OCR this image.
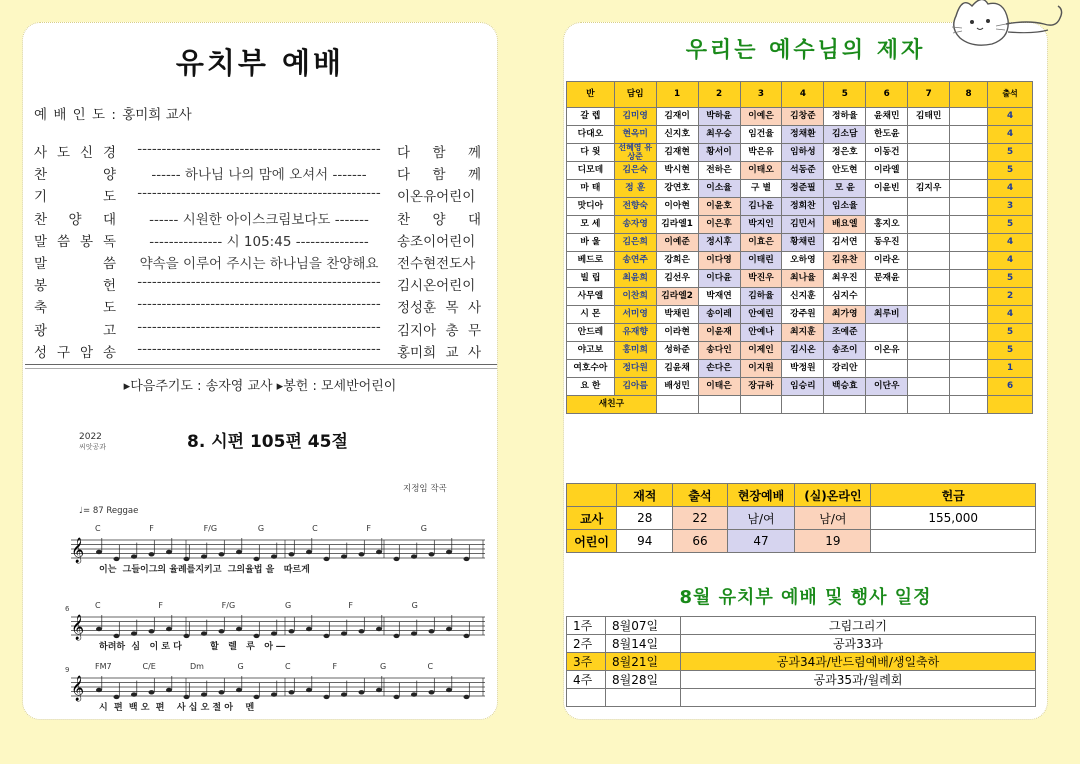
유치부 예배
예 배 인 도 : 홍미희 교사
사 도 신 경	--------------------------------------------------	다 함 께
찬	양	------ 하나님 나의 맘에 오셔서 -------	다 함 께
기	도	--------------------------------------------------	이온유어린이
찬 양 대	------ 시원한 아이스크림보다도 -------	찬 양 대
말 씀 봉 독	--------------- 시 105:45 ---------------	송조이어린이
말	씀	약속을 이루어 주시는 하나님을 찬양해요	전수현전도사
봉	헌	--------------------------------------------------	김시온어린이
축	도	--------------------------------------------------	정성훈 목 사
광	고	--------------------------------------------------	김지아 총 무
성 구 암 송	--------------------------------------------------	홍미희 교 사
▸다음주기도 : 송자영 교사 ▸봉헌 : 모세반어린이
2022
씨앗공과	8. 시편 105편 45절
지정임 작곡
♩= 87 Reggae
𝄞
C	F	F/G	G	C	F	G
이는  그들이그의 율례를지키고  그의율법 을   따르게
𝄞
6	C	F	F/G	G	F	G
하려하  심   이 로 다         할   렐   루   아 ―
𝄞
9	FM7	C/E	Dm	G	C	F	G	C
시  편  백 오  편    사 십 오 절 아    멘
우리는 예수님의 제자
반	담임	1	2	3	4	5	6	7	8	출석
갈 렙	김미영	김재이	박하윤	이예은	김창준	정하율	윤채민	김태민		4
다대오	현옥미	신지호	최우승	임건율	정채환	김소담	한도윤			4
다 윗	선혜영 유상준	김재현	황서이	박은유	임하성	정은호	이동건			5
디모데	김은숙	박시현	전하은	이태오	석동준	안도현	이라엘			5
마 태	정 훈	강연호	이소율	구 별	정준필	모 윤	이윤빈	김지우		4
맛디아	전향숙	이아현	이윤호	김나윤	정회찬	임소율				3
모 세	송자영	김라엘1	이은후	박지인	김민서	배요엘	홍지오			5
바 울	김은희	이예준	정시후	이효은	황채린	김서연	동우진			4
베드로	송연주	강희은	이다영	이태린	오하영	김유찬	이라온			4
빌 립	최윤희	김선우	이다윤	박진우	최나율	최우진	문재윤			5
사무엘	이찬희	김라엘2	박재연	김하율	신지훈	심지수				2
시 몬	서미영	박채린	송이레	안예린	강주원	최가영	최루비			4
안드레	유재향	이라현	이윤재	안예나	최지훈	조예준				5
야고보	홍미희	성하준	송다인	이제인	김시온	송조이	이온유			5
여호수아	정다원	김윤채	손다은	이지원	박정원	강리안				1
요 한	김아름	배성민	이태은	장규하	임승리	백승효	이단우			6
새친구										
	재적	출석	현장예배	(실)온라인	헌금
교사	28	22	남/여	남/여	155,000
어린이	94	66	47	19	
8월 유치부 예배 및 행사 일정
1주	8월07일	그림그리기
2주	8월14일	공과33과
3주	8월21일	공과34과/반드림예배/생일축하
4주	8월28일	공과35과/월례회
